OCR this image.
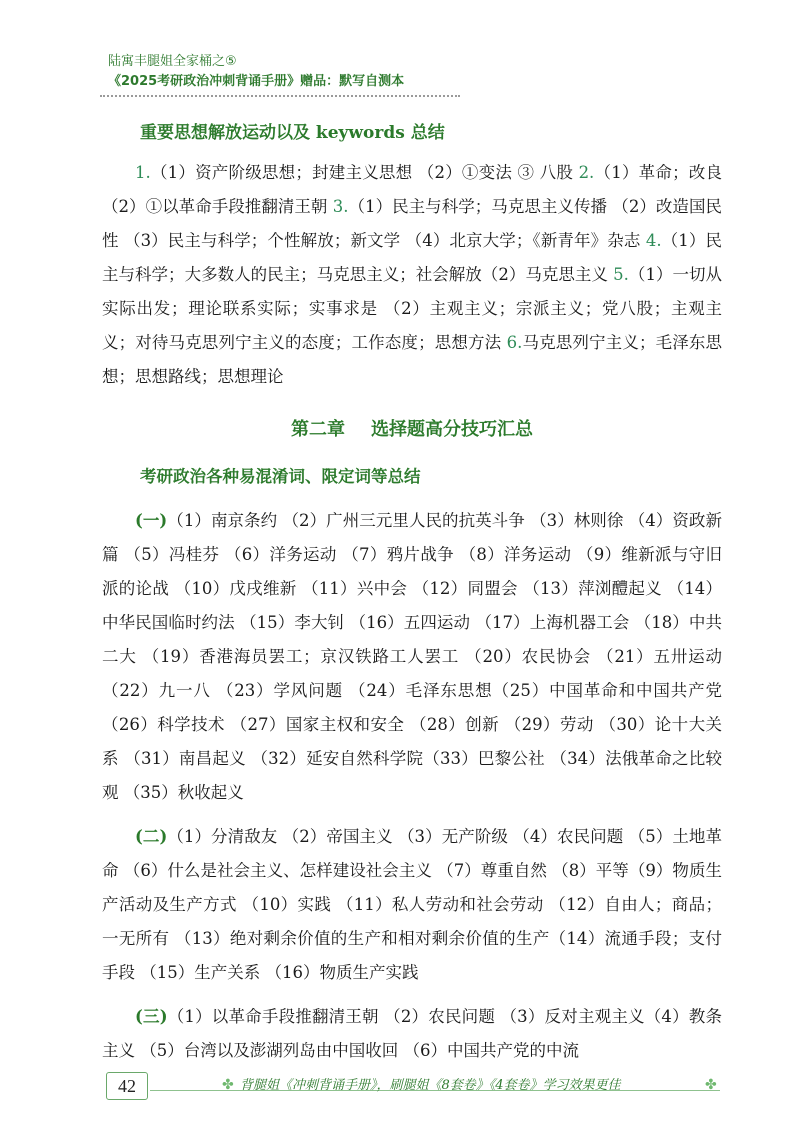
陆寓丰腿姐全家桶之⑤
《2025考研政治冲刺背诵手册》赠品：默写自测本
重要思想解放运动以及 keywords 总结

1.（1）资产阶级思想；封建主义思想 （2）①变法 ③ 八股 2.（1）革命；改良 （2）①以革命手段推翻清王朝 3.（1）民主与科学；马克思主义传播 （2）改造国民性 （3）民主与科学；个性解放；新文学 （4）北京大学；《新青年》杂志 4.（1）民主与科学；大多数人的民主；马克思主义；社会解放（2）马克思主义 5.（1）一切从实际出发；理论联系实际；实事求是 （2）主观主义；宗派主义；党八股；主观主义；对待马克思列宁主义的态度；工作态度；思想方法 6.马克思列宁主义；毛泽东思想；思想路线；思想理论

第二章 选择题高分技巧汇总
考研政治各种易混淆词、限定词等总结

(一)（1）南京条约 （2）广州三元里人民的抗英斗争 （3）林则徐 （4）资政新篇 （5）冯桂芬 （6）洋务运动 （7）鸦片战争 （8）洋务运动 （9）维新派与守旧派的论战 （10）戊戌维新 （11）兴中会 （12）同盟会 （13）萍浏醴起义 （14）中华民国临时约法 （15）李大钊 （16）五四运动 （17）上海机器工会 （18）中共二大 （19）香港海员罢工；京汉铁路工人罢工 （20）农民协会 （21）五卅运动 （22）九一八 （23）学风问题 （24）毛泽东思想（25）中国革命和中国共产党 （26）科学技术 （27）国家主权和安全 （28）创新 （29）劳动 （30）论十大关系 （31）南昌起义 （32）延安自然科学院（33）巴黎公社 （34）法俄革命之比较观 （35）秋收起义

(二)（1）分清敌友 （2）帝国主义 （3）无产阶级 （4）农民问题 （5）土地革命 （6）什么是社会主义、怎样建设社会主义 （7）尊重自然 （8）平等（9）物质生产活动及生产方式 （10）实践 （11）私人劳动和社会劳动 （12）自由人；商品；一无所有 （13）绝对剩余价值的生产和相对剩余价值的生产（14）流通手段；支付手段 （15）生产关系 （16）物质生产实践

(三)（1）以革命手段推翻清王朝 （2）农民问题 （3）反对主观主义（4）教条主义 （5）台湾以及澎湖列岛由中国收回 （6）中国共产党的中流

42	✤ 背腿姐《冲刺背诵手册》，刷腿姐《8套卷》《4套卷》学习效果更佳	✤
